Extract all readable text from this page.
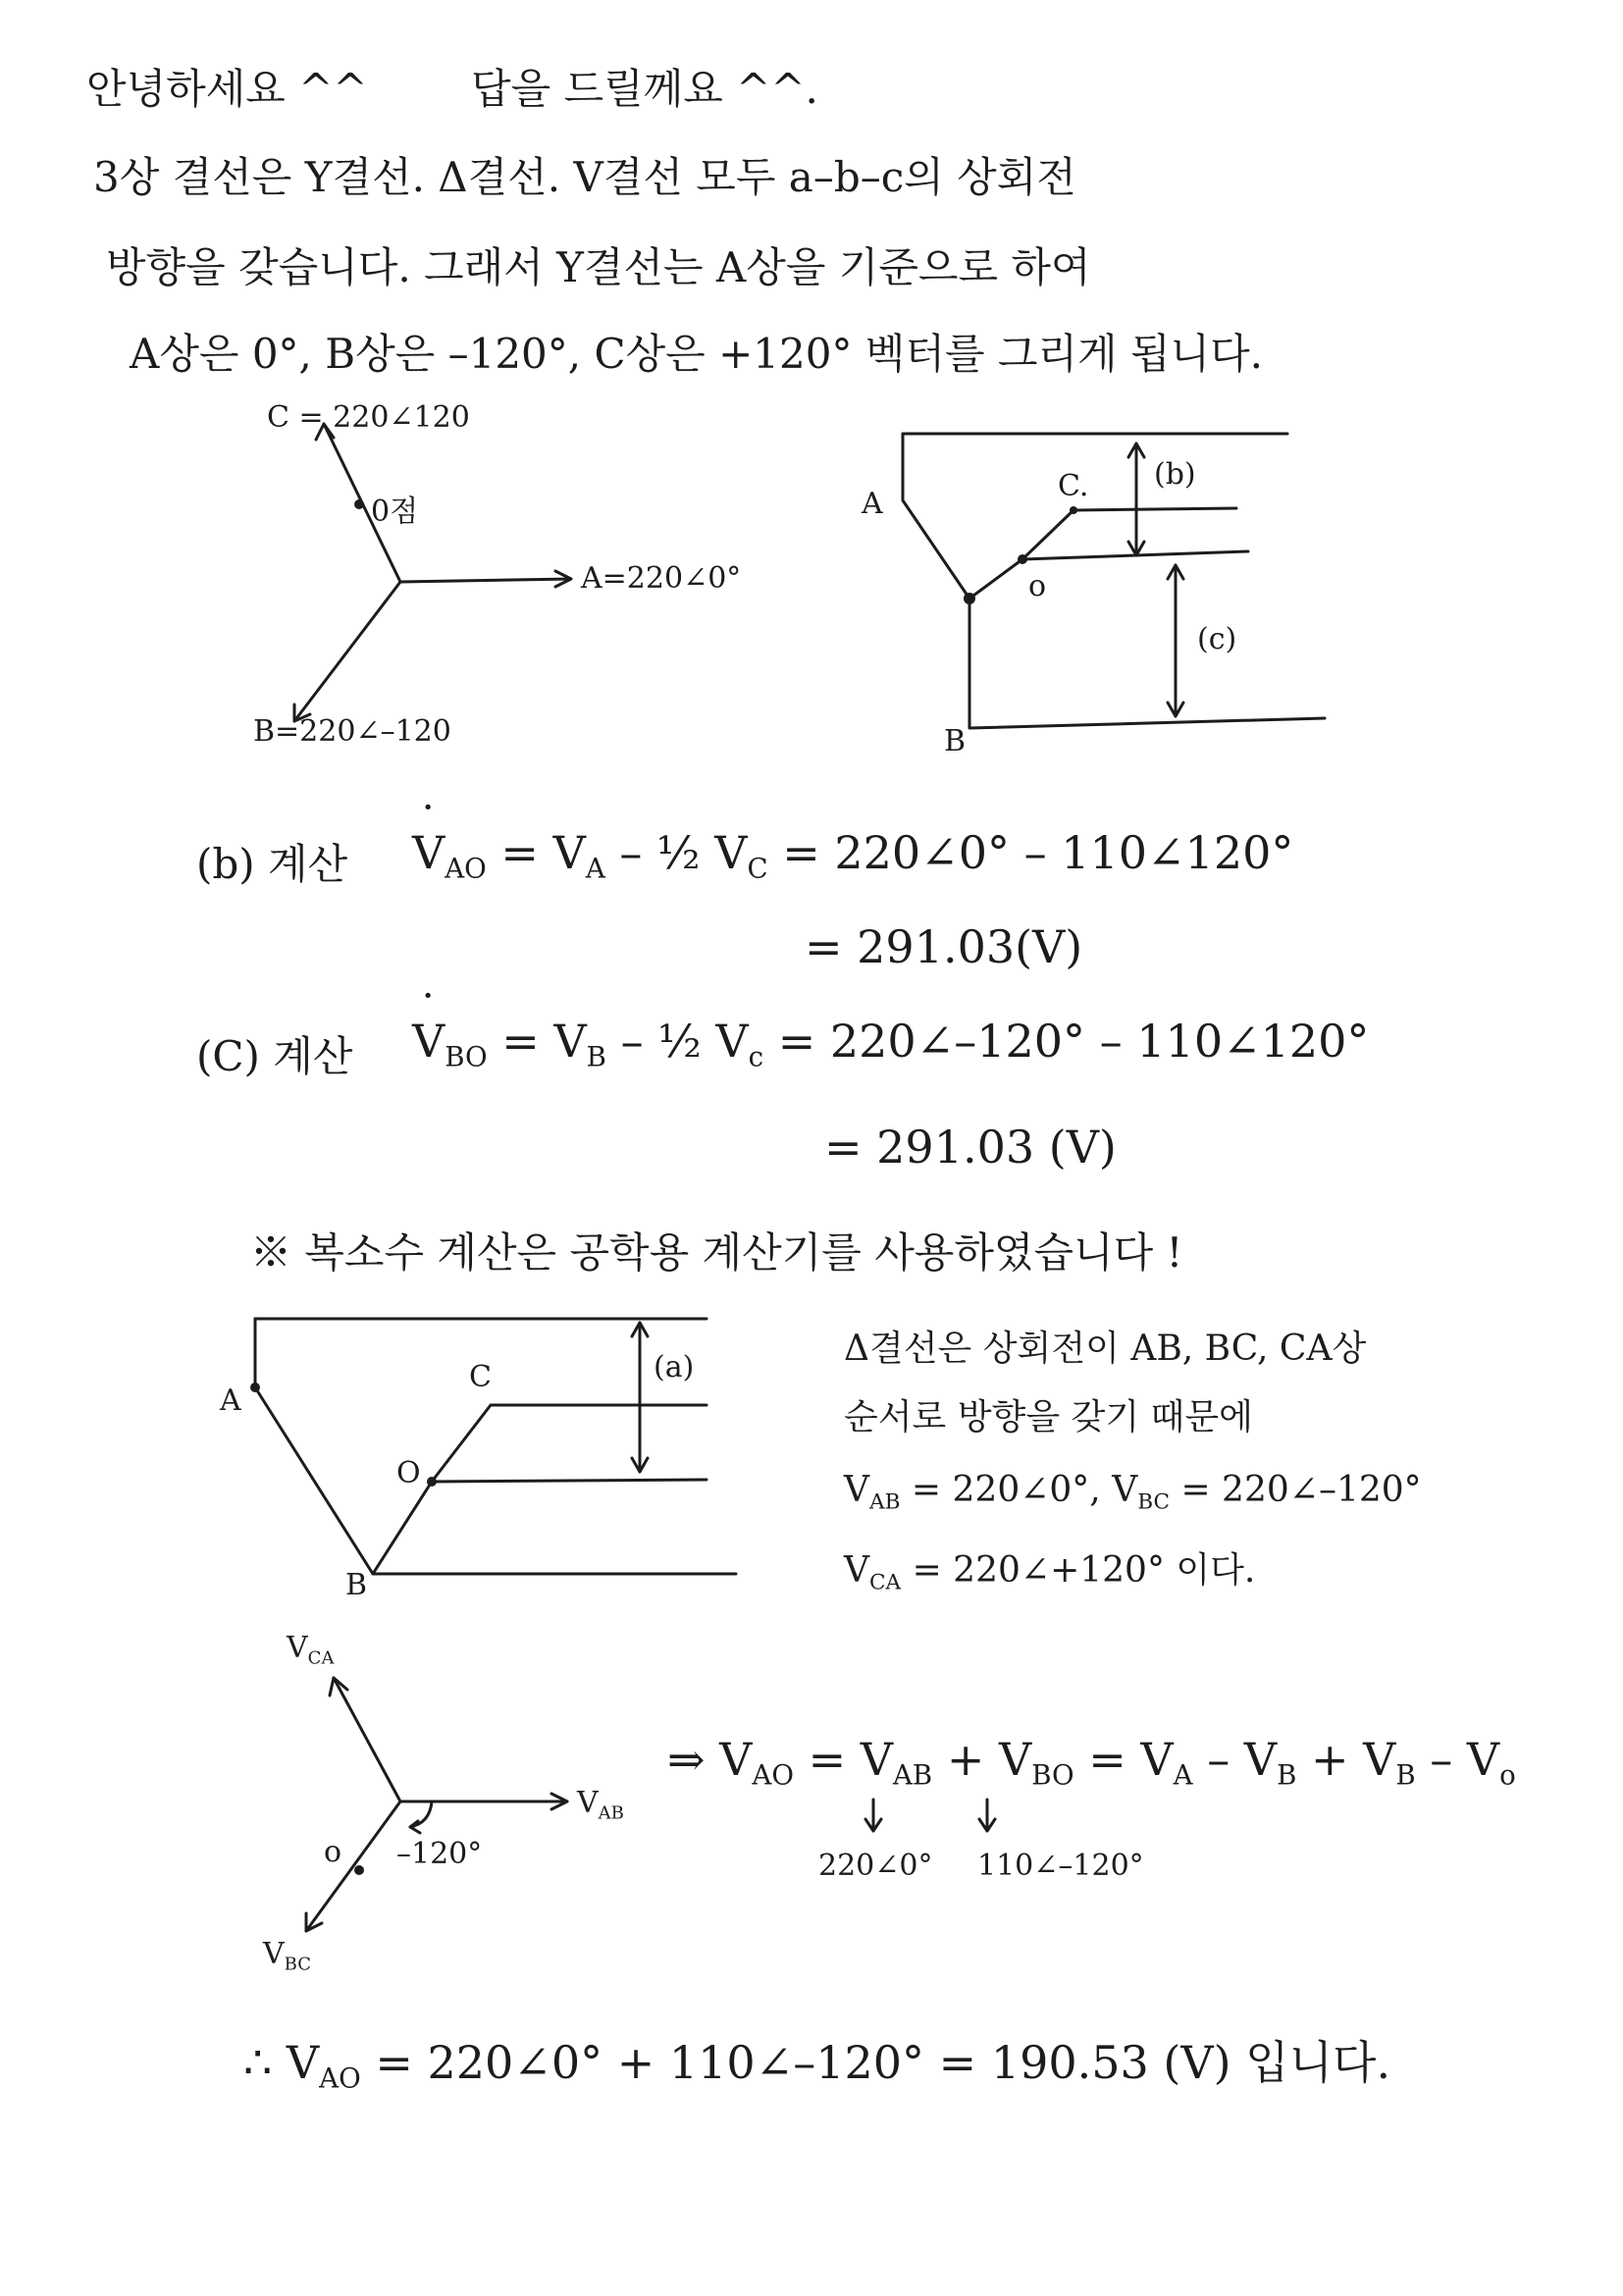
안녕하세요 ^^	답을 드릴께요 ^^.
3상 결선은 Y결선. Δ결선. V결선 모두 a–b–c의 상회전
방향을 갖습니다. 그래서 Y결선는 A상을 기준으로 하여
A상은 0°, B상은 –120°, C상은 +120° 벡터를 그리게 됩니다.
C = 220∠120
0점
A=220∠0°
B=220∠–120
A
C.
o
B
(b)
(c)
(b) 계산 ˙ $V_{AO} = V_A$ – ½ $V_C$ = 220∠0° – 110∠120°
= 291.03(V)
(C) 계산 ˙ $V_{BO} = V_B$ – ½ $V_c$ = 220∠–120° – 110∠120°
= 291.03 (V)
※ 복소수 계산은 공학용 계산기를 사용하였습니다 !
A
C
O
B
(a)	Δ결선은 상회전이 AB, BC, CA상
순서로 방향을 갖기 때문에
$V_{AB}$ = 220∠0°, $V_{BC}$ = 220∠–120°
$V_{CA}$ = 220∠+120° 이다.
$V_{CA}$
$V_{AB}$
$V_{BC}$
o –120°
⇒ $V_{AO} = V_{AB} + V_{BO} = V_A - V_B + V_B - V_o$
220∠0° 110∠–120°
∴ $V_{AO}$ = 220∠0° + 110∠–120° = 190.53 (V) 입니다.
